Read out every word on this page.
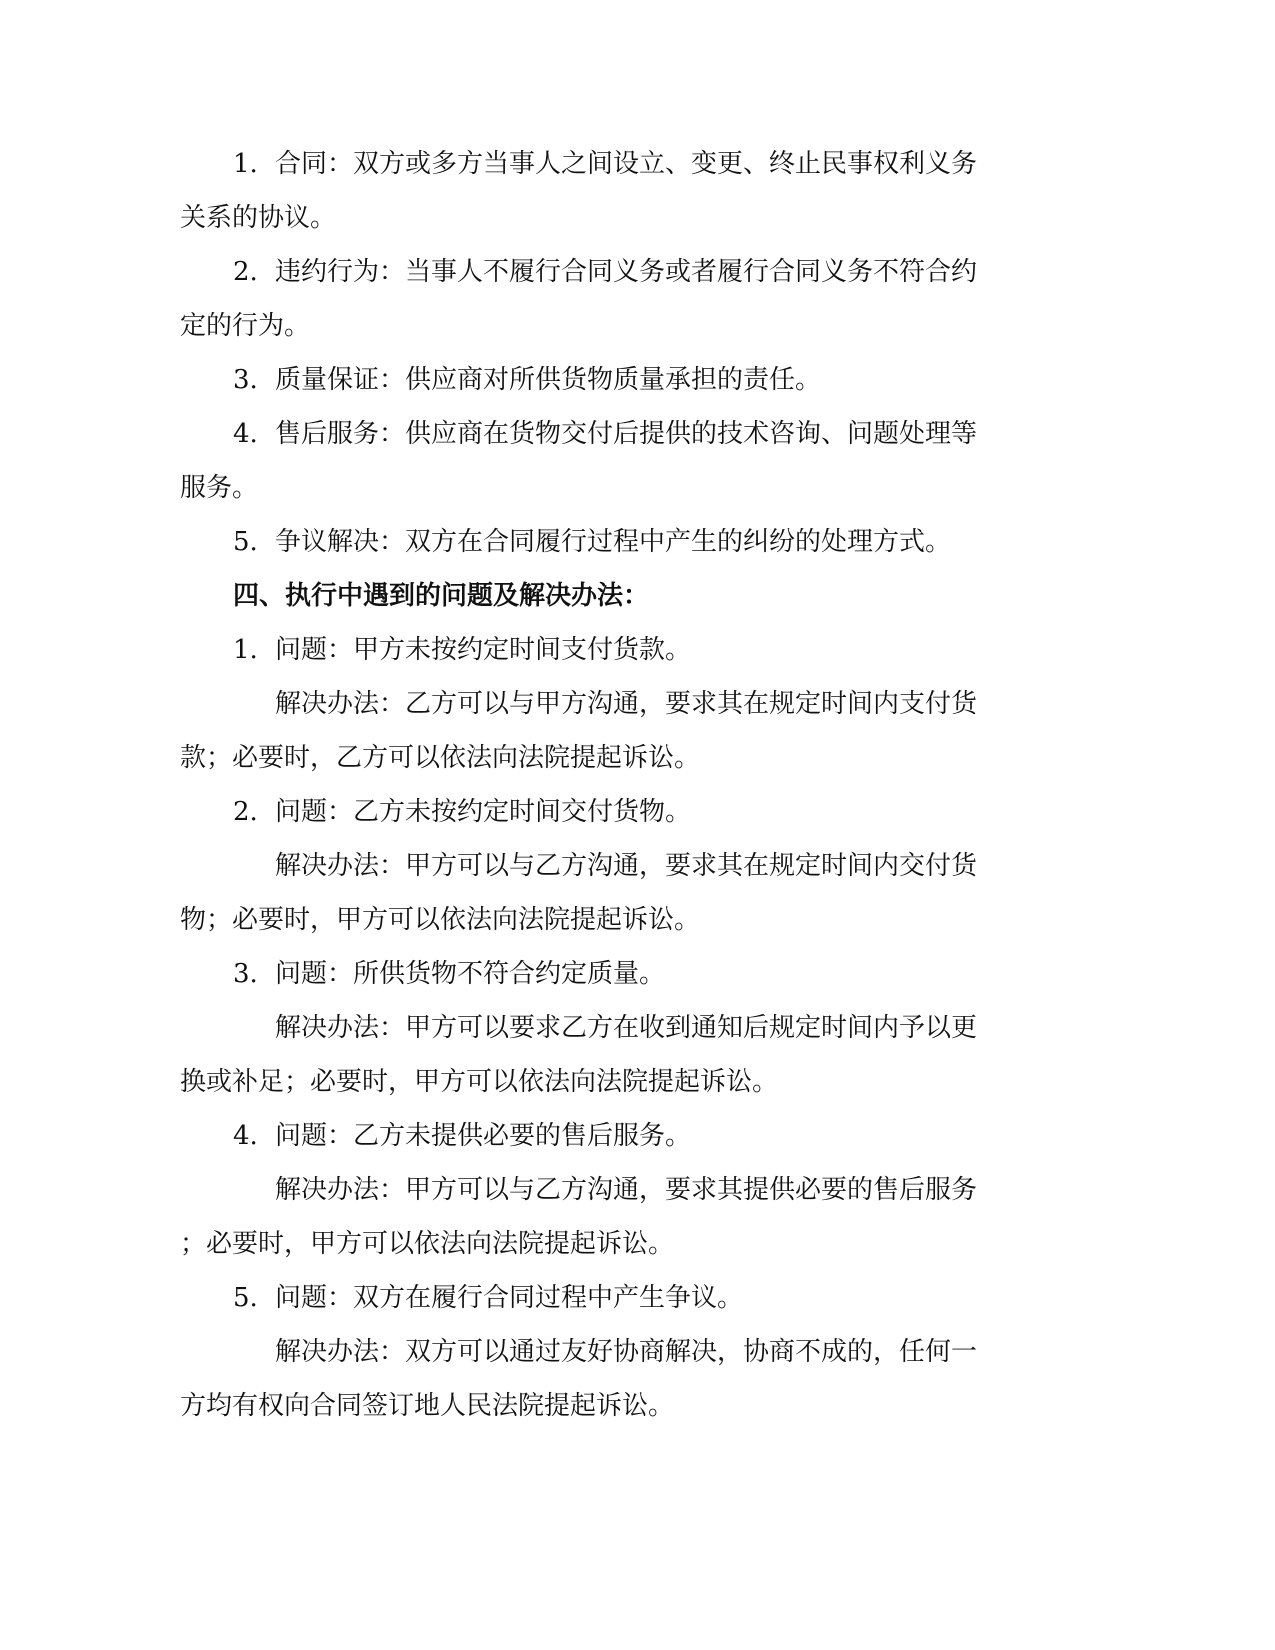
1. 合同：双方或多方当事人之间设立、变更、终止民事权利义务
关系的协议。
2. 违约行为：当事人不履行合同义务或者履行合同义务不符合约
定的行为。
3. 质量保证：供应商对所供货物质量承担的责任。
4. 售后服务：供应商在货物交付后提供的技术咨询、问题处理等
服务。
5. 争议解决：双方在合同履行过程中产生的纠纷的处理方式。
四、执行中遇到的问题及解决办法：
1. 问题：甲方未按约定时间支付货款。
解决办法：乙方可以与甲方沟通，要求其在规定时间内支付货
款；必要时，乙方可以依法向法院提起诉讼。
2. 问题：乙方未按约定时间交付货物。
解决办法：甲方可以与乙方沟通，要求其在规定时间内交付货
物；必要时，甲方可以依法向法院提起诉讼。
3. 问题：所供货物不符合约定质量。
解决办法：甲方可以要求乙方在收到通知后规定时间内予以更
换或补足；必要时，甲方可以依法向法院提起诉讼。
4. 问题：乙方未提供必要的售后服务。
解决办法：甲方可以与乙方沟通，要求其提供必要的售后服务
；必要时，甲方可以依法向法院提起诉讼。
5. 问题：双方在履行合同过程中产生争议。
解决办法：双方可以通过友好协商解决，协商不成的，任何一
方均有权向合同签订地人民法院提起诉讼。
